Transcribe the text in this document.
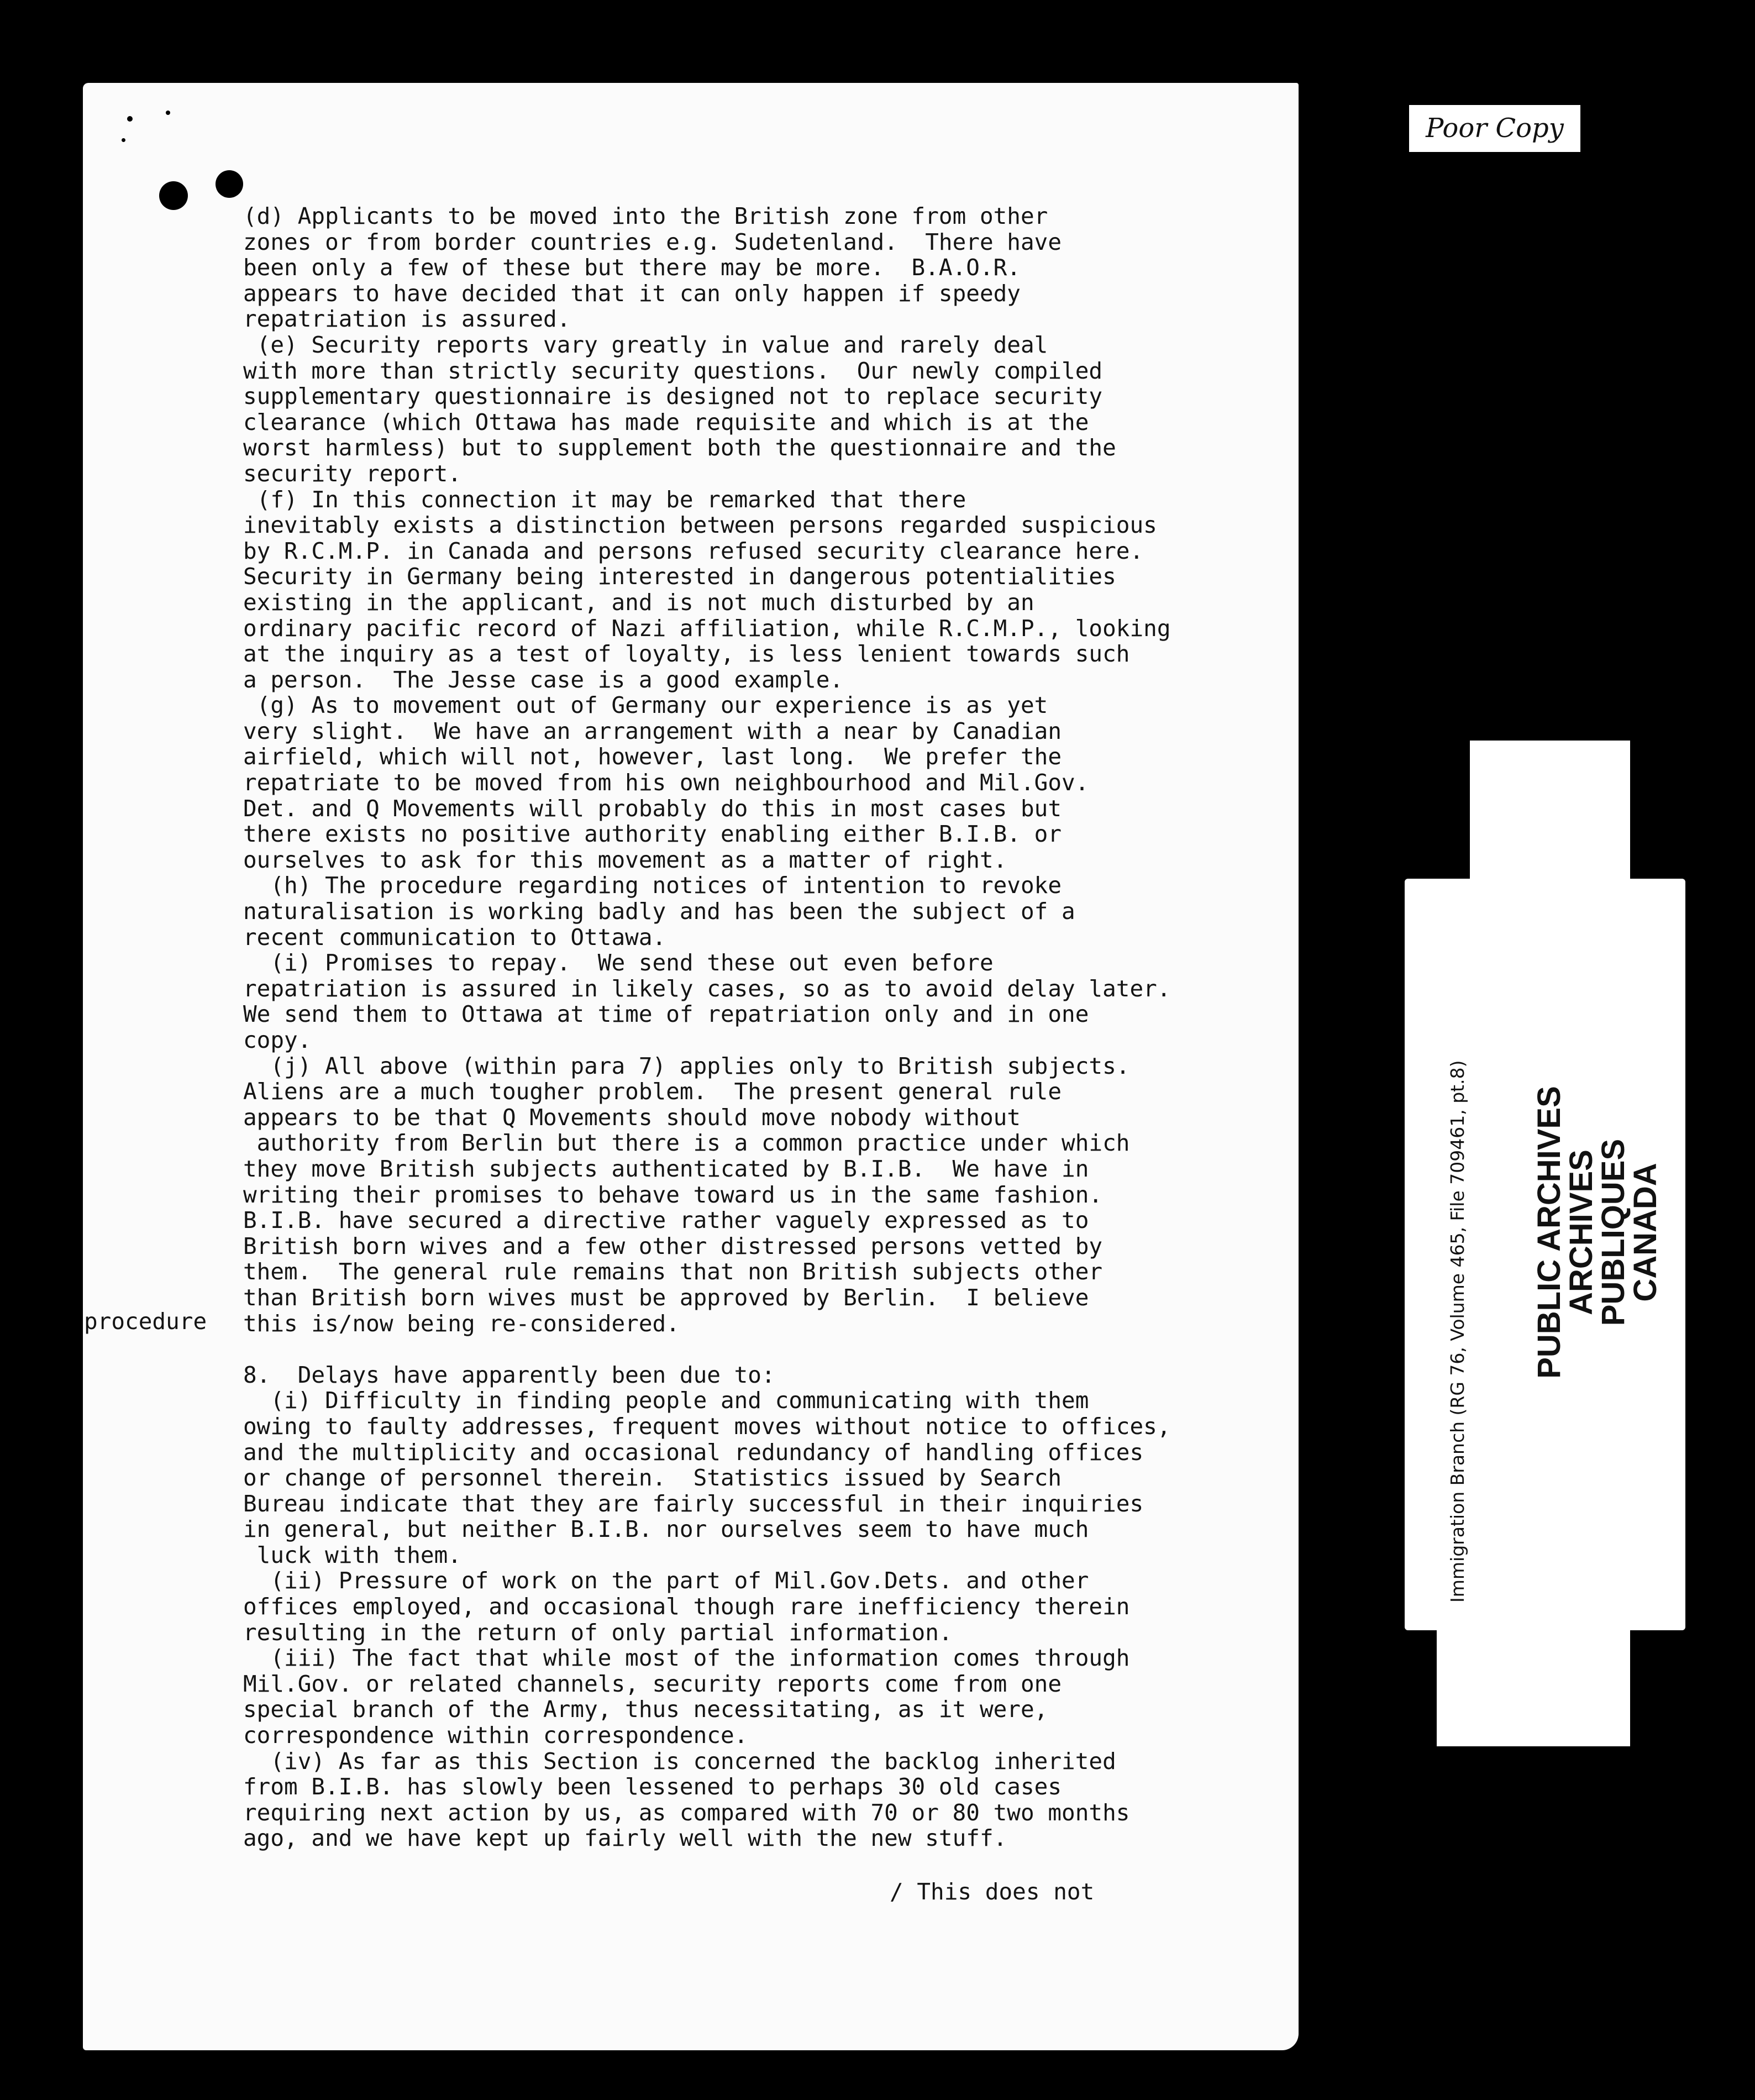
(d) Applicants to be moved into the British zone from other
zones or from border countries e.g. Sudetenland.  There have
been only a few of these but there may be more.  B.A.O.R.
appears to have decided that it can only happen if speedy
repatriation is assured.
(e) Security reports vary greatly in value and rarely deal
with more than strictly security questions.  Our newly compiled
supplementary questionnaire is designed not to replace security
clearance (which Ottawa has made requisite and which is at the
worst harmless) but to supplement both the questionnaire and the
security report.
(f) In this connection it may be remarked that there
inevitably exists a distinction between persons regarded suspicious
by R.C.M.P. in Canada and persons refused security clearance here.
Security in Germany being interested in dangerous potentialities
existing in the applicant, and is not much disturbed by an
ordinary pacific record of Nazi affiliation, while R.C.M.P., looking
at the inquiry as a test of loyalty, is less lenient towards such
a person.  The Jesse case is a good example.
(g) As to movement out of Germany our experience is as yet
very slight.  We have an arrangement with a near by Canadian
airfield, which will not, however, last long.  We prefer the
repatriate to be moved from his own neighbourhood and Mil.Gov.
Det. and Q Movements will probably do this in most cases but
there exists no positive authority enabling either B.I.B. or
ourselves to ask for this movement as a matter of right.
(h) The procedure regarding notices of intention to revoke
naturalisation is working badly and has been the subject of a
recent communication to Ottawa.
(i) Promises to repay.  We send these out even before
repatriation is assured in likely cases, so as to avoid delay later.
We send them to Ottawa at time of repatriation only and in one
copy.
(j) All above (within para 7) applies only to British subjects.
Aliens are a much tougher problem.  The present general rule
appears to be that Q Movements should move nobody without
authority from Berlin but there is a common practice under which
they move British subjects authenticated by B.I.B.  We have in
writing their promises to behave toward us in the same fashion.
B.I.B. have secured a directive rather vaguely expressed as to
British born wives and a few other distressed persons vetted by
them.  The general rule remains that non British subjects other
than British born wives must be approved by Berlin.  I believe
this is/now being re-considered.
8.  Delays have apparently been due to:
(i) Difficulty in finding people and communicating with them
owing to faulty addresses, frequent moves without notice to offices,
and the multiplicity and occasional redundancy of handling offices
or change of personnel therein.  Statistics issued by Search
Bureau indicate that they are fairly successful in their inquiries
in general, but neither B.I.B. nor ourselves seem to have much
luck with them.
(ii) Pressure of work on the part of Mil.Gov.Dets. and other
offices employed, and occasional though rare inefficiency therein
resulting in the return of only partial information.
(iii) The fact that while most of the information comes through
Mil.Gov. or related channels, security reports come from one
special branch of the Army, thus necessitating, as it were,
correspondence within correspondence.
(iv) As far as this Section is concerned the backlog inherited
from B.I.B. has slowly been lessened to perhaps 30 old cases
requiring next action by us, as compared with 70 or 80 two months
ago, and we have kept up fairly well with the new stuff.
procedure
/ This does not
Poor Copy
Immigration Branch (RG 76, Volume 465, File 709461, pt.8) PUBLIC ARCHIVES
ARCHIVES PUBLIQUES
CANADA
